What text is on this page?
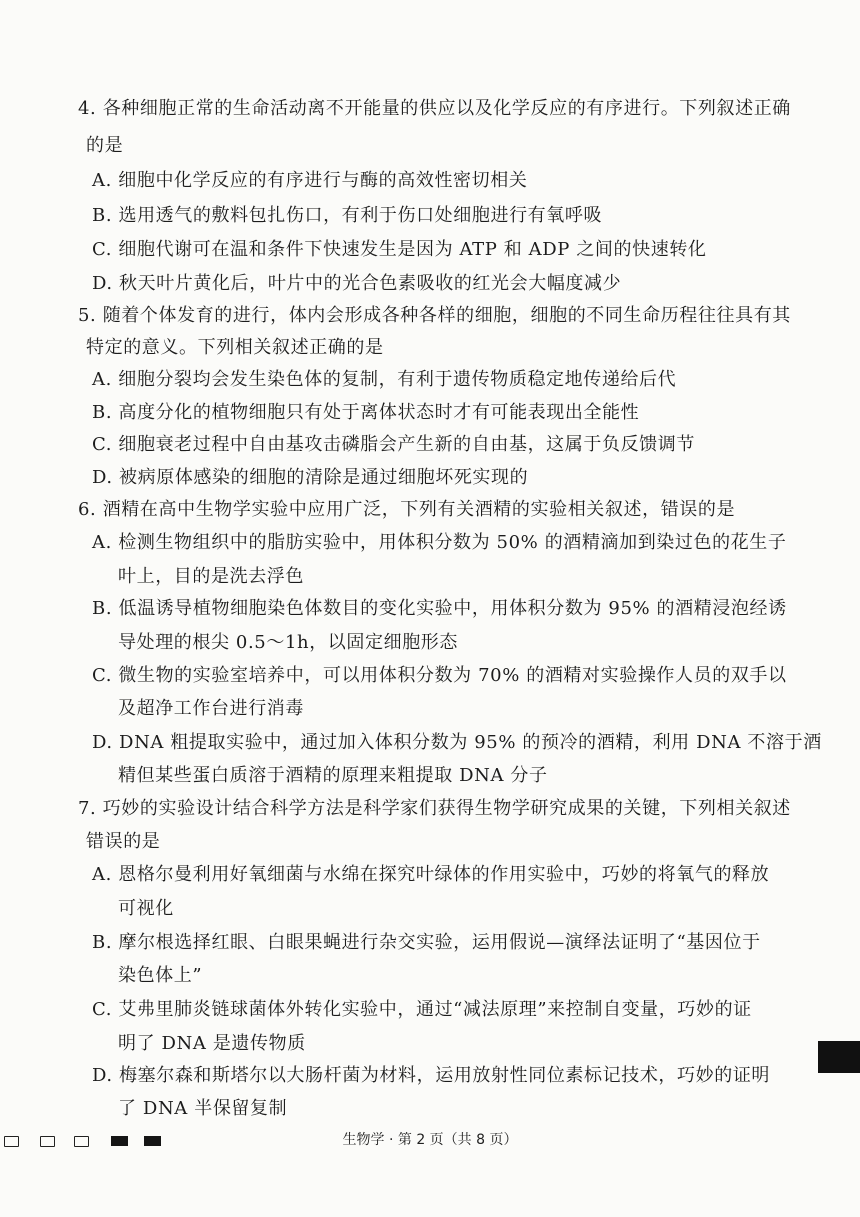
4. 各种细胞正常的生命活动离不开能量的供应以及化学反应的有序进行。下列叙述正确
的是
A. 细胞中化学反应的有序进行与酶的高效性密切相关
B. 选用透气的敷料包扎伤口，有利于伤口处细胞进行有氧呼吸
C. 细胞代谢可在温和条件下快速发生是因为 ATP 和 ADP 之间的快速转化
D. 秋天叶片黄化后，叶片中的光合色素吸收的红光会大幅度减少
5. 随着个体发育的进行，体内会形成各种各样的细胞，细胞的不同生命历程往往具有其
特定的意义。下列相关叙述正确的是
A. 细胞分裂均会发生染色体的复制，有利于遗传物质稳定地传递给后代
B. 高度分化的植物细胞只有处于离体状态时才有可能表现出全能性
C. 细胞衰老过程中自由基攻击磷脂会产生新的自由基，这属于负反馈调节
D. 被病原体感染的细胞的清除是通过细胞坏死实现的
6. 酒精在高中生物学实验中应用广泛，下列有关酒精的实验相关叙述，错误的是
A. 检测生物组织中的脂肪实验中，用体积分数为 50% 的酒精滴加到染过色的花生子
叶上，目的是洗去浮色
B. 低温诱导植物细胞染色体数目的变化实验中，用体积分数为 95% 的酒精浸泡经诱
导处理的根尖 0.5～1h，以固定细胞形态
C. 微生物的实验室培养中，可以用体积分数为 70% 的酒精对实验操作人员的双手以
及超净工作台进行消毒
D. DNA 粗提取实验中，通过加入体积分数为 95% 的预冷的酒精，利用 DNA 不溶于酒
精但某些蛋白质溶于酒精的原理来粗提取 DNA 分子
7. 巧妙的实验设计结合科学方法是科学家们获得生物学研究成果的关键，下列相关叙述
错误的是
A. 恩格尔曼利用好氧细菌与水绵在探究叶绿体的作用实验中，巧妙的将氧气的释放
可视化
B. 摩尔根选择红眼、白眼果蝇进行杂交实验，运用假说—演绎法证明了“基因位于
染色体上”
C. 艾弗里肺炎链球菌体外转化实验中，通过“减法原理”来控制自变量，巧妙的证
明了 DNA 是遗传物质
D. 梅塞尔森和斯塔尔以大肠杆菌为材料，运用放射性同位素标记技术，巧妙的证明
了 DNA 半保留复制
生物学 · 第 2 页（共 8 页）
